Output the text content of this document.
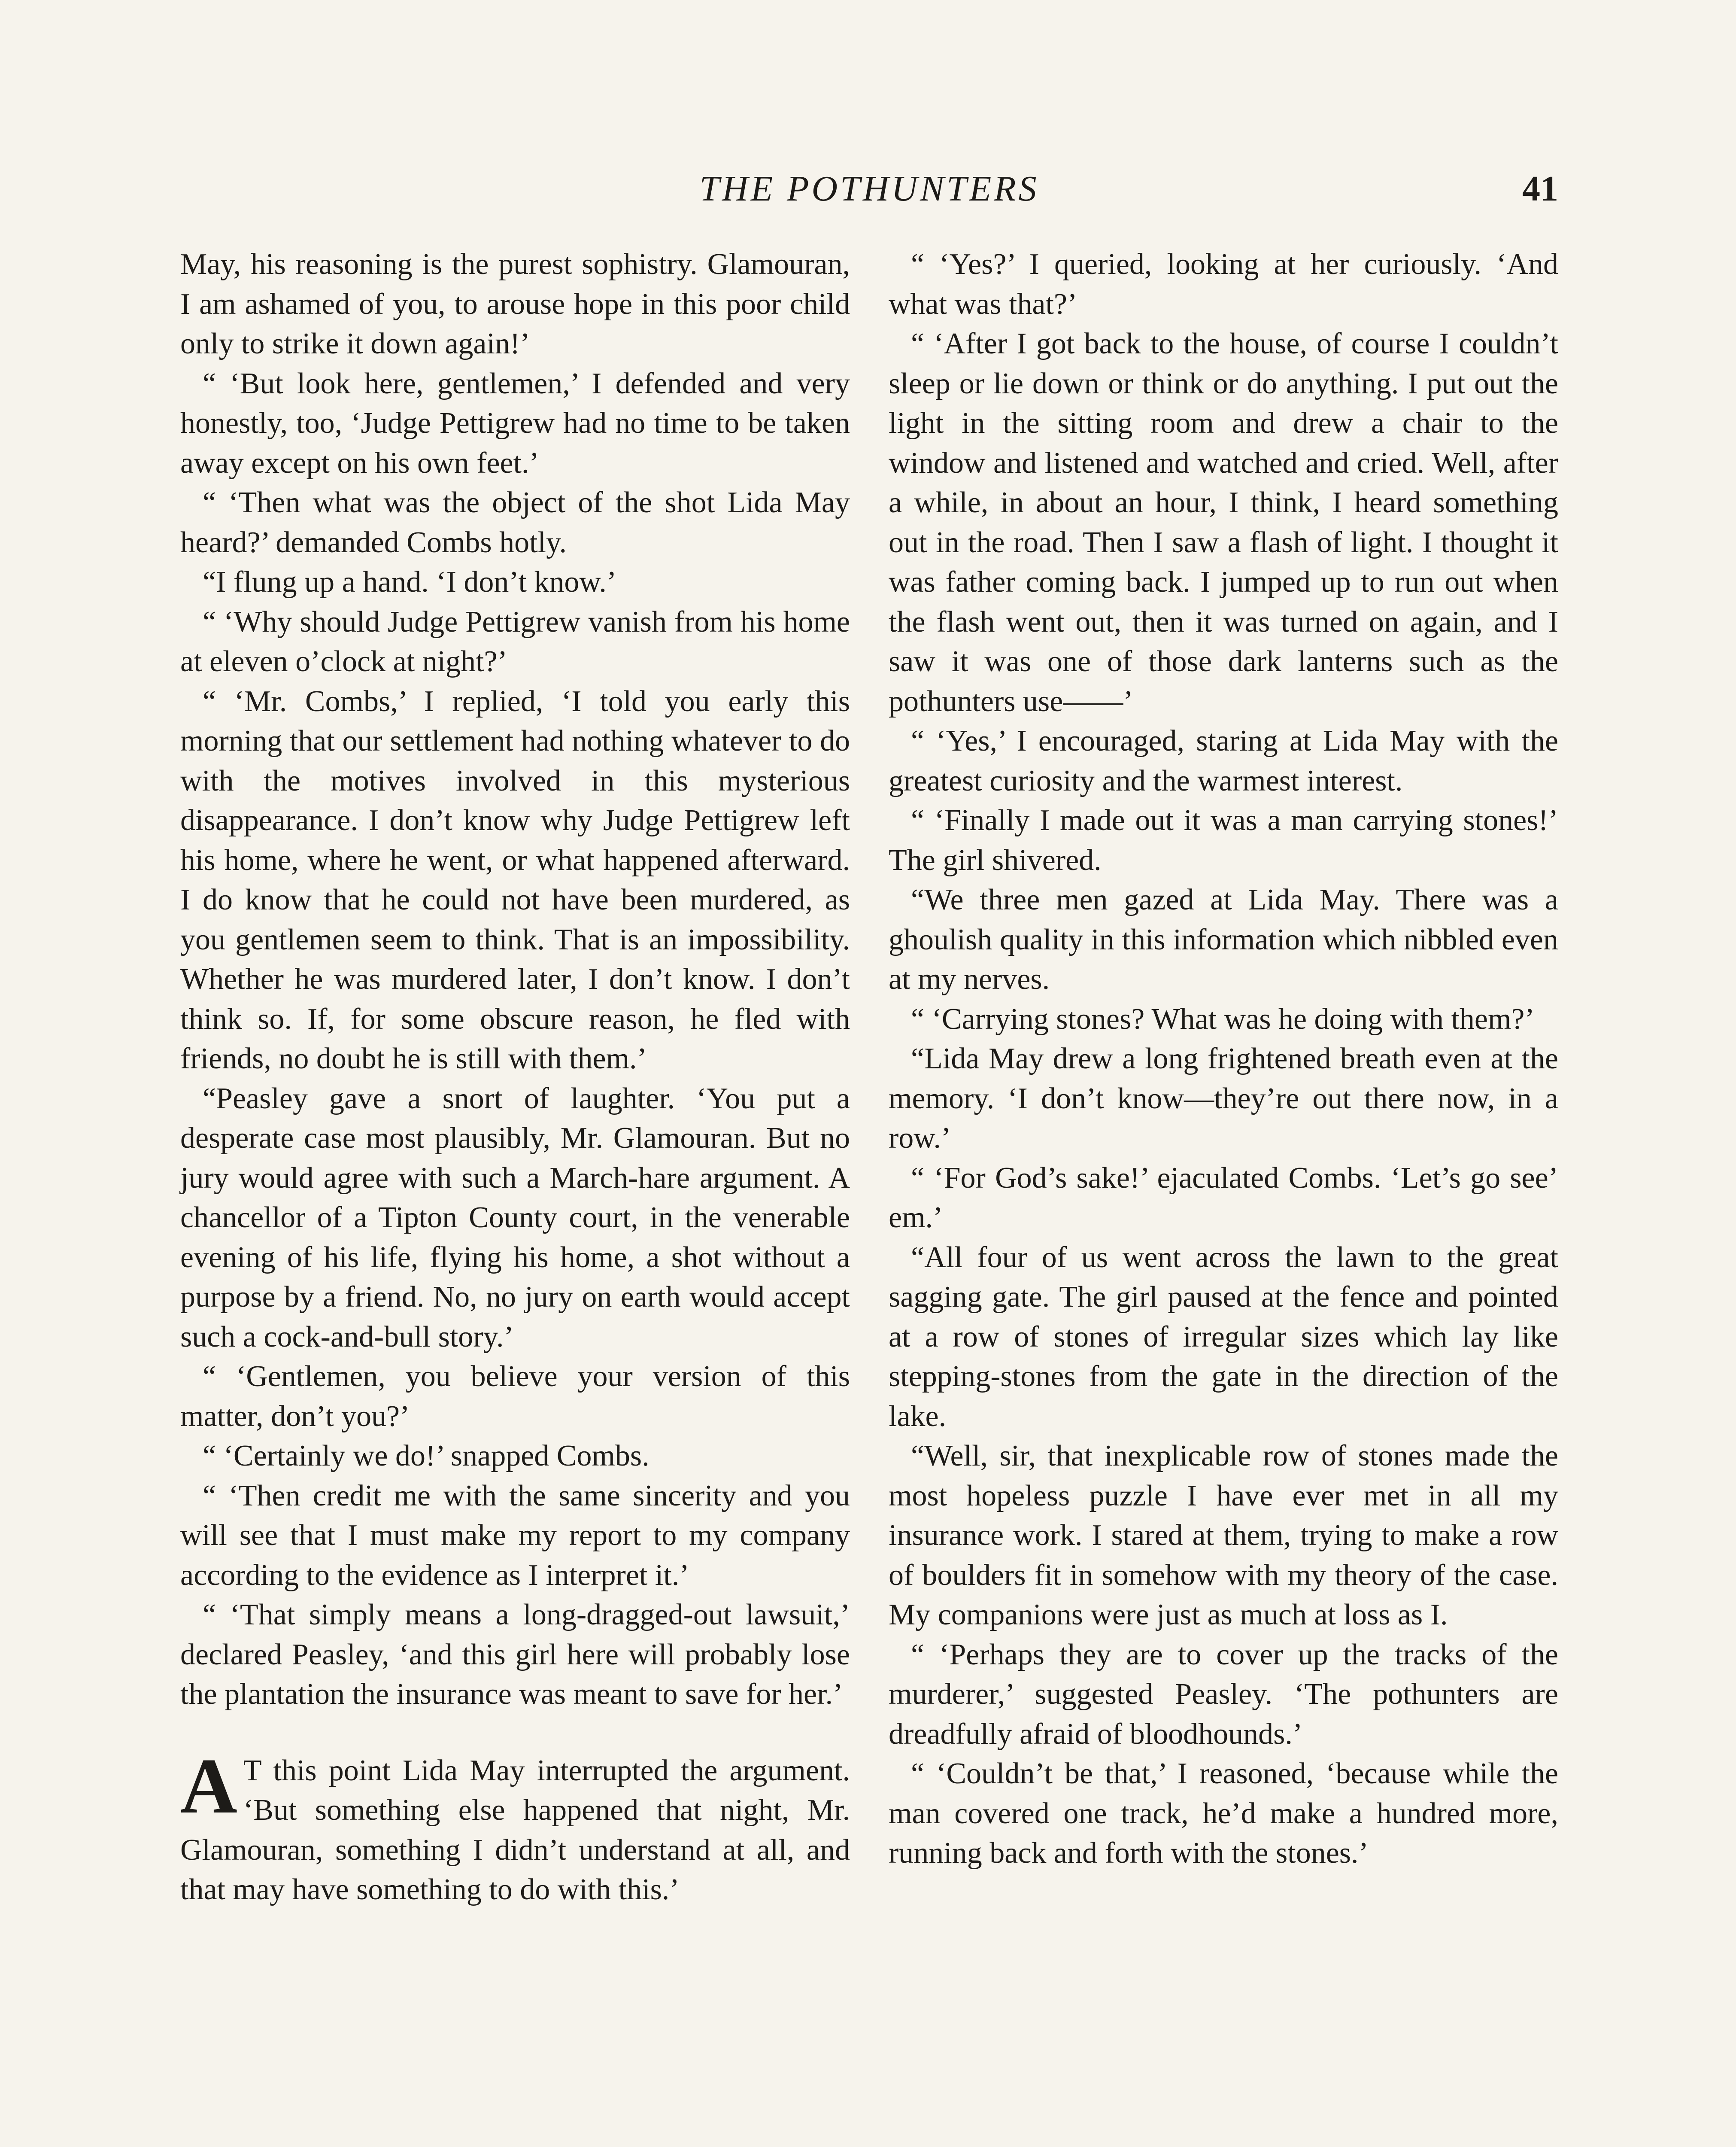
THE POTHUNTERS	41

May, his reasoning is the purest sophistry. Glamouran, I am ashamed of you, to arouse hope in this poor child only to strike it down again!’

“ ‘But look here, gentlemen,’ I defended and very honestly, too, ‘Judge Pettigrew had no time to be taken away except on his own feet.’

“ ‘Then what was the object of the shot Lida May heard?’ demanded Combs hotly.

“I flung up a hand. ‘I don’t know.’

“ ‘Why should Judge Pettigrew vanish from his home at eleven o’clock at night?’

“ ‘Mr. Combs,’ I replied, ‘I told you early this morning that our settlement had nothing whatever to do with the motives involved in this mysterious disappearance. I don’t know why Judge Pettigrew left his home, where he went, or what happened afterward. I do know that he could not have been murdered, as you gentlemen seem to think. That is an impossibility. Whether he was murdered later, I don’t know. I don’t think so. If, for some obscure reason, he fled with friends, no doubt he is still with them.’

“Peasley gave a snort of laughter. ‘You put a desperate case most plausibly, Mr. Glamouran. But no jury would agree with such a March-hare argument. A chancellor of a Tipton County court, in the venerable evening of his life, flying his home, a shot without a purpose by a friend. No, no jury on earth would accept such a cock-and-bull story.’

“ ‘Gentlemen, you believe your version of this matter, don’t you?’

“ ‘Certainly we do!’ snapped Combs.

“ ‘Then credit me with the same sincerity and you will see that I must make my report to my company according to the evidence as I interpret it.’

“ ‘That simply means a long-dragged-out lawsuit,’ declared Peasley, ‘and this girl here will probably lose the plantation the insurance was meant to save for her.’

A T this point Lida May interrupted the argument. ‘But something else happened that night, Mr. Glamouran, something I didn’t understand at all, and that may have something to do with this.’

“ ‘Yes?’ I queried, looking at her curiously. ‘And what was that?’

“ ‘After I got back to the house, of course I couldn’t sleep or lie down or think or do anything. I put out the light in the sitting room and drew a chair to the window and listened and watched and cried. Well, after a while, in about an hour, I think, I heard something out in the road. Then I saw a flash of light. I thought it was father coming back. I jumped up to run out when the flash went out, then it was turned on again, and I saw it was one of those dark lanterns such as the pothunters use——’

“ ‘Yes,’ I encouraged, staring at Lida May with the greatest curiosity and the warmest interest.

“ ‘Finally I made out it was a man carrying stones!’ The girl shivered.

“We three men gazed at Lida May. There was a ghoulish quality in this information which nibbled even at my nerves.

“ ‘Carrying stones? What was he doing with them?’

“Lida May drew a long frightened breath even at the memory. ‘I don’t know—they’re out there now, in a row.’

“ ‘For God’s sake!’ ejaculated Combs. ‘Let’s go see’ em.’

“All four of us went across the lawn to the great sagging gate. The girl paused at the fence and pointed at a row of stones of irregular sizes which lay like stepping-stones from the gate in the direction of the lake.

“Well, sir, that inexplicable row of stones made the most hopeless puzzle I have ever met in all my insurance work. I stared at them, trying to make a row of boulders fit in somehow with my theory of the case. My companions were just as much at loss as I.

“ ‘Perhaps they are to cover up the tracks of the murderer,’ suggested Peasley. ‘The pothunters are dreadfully afraid of bloodhounds.’

“ ‘Couldn’t be that,’ I reasoned, ‘because while the man covered one track, he’d make a hundred more, running back and forth with the stones.’
